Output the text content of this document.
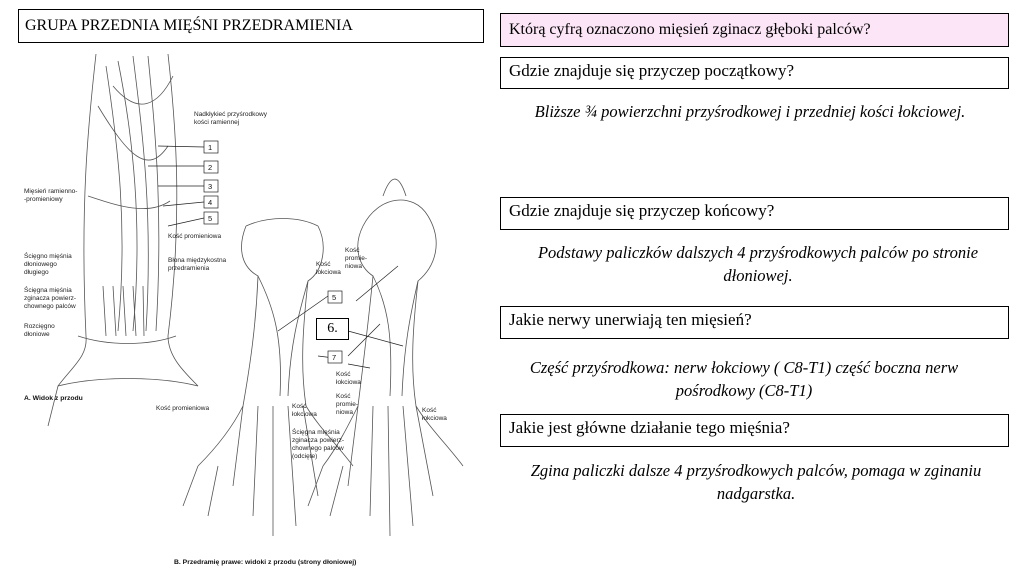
GRUPA PRZEDNIA MIĘŚNI PRZEDRAMIENIA
1
2
3
4
5
5
7
Nadkłykieć przyśrodkowy
kości ramiennej
Mięsień ramienno-
-promieniowy
Ścięgno mięśnia
dłoniowego
długiego
Ścięgna mięśnia
zginacza powierz-
chownego palców
Rozcięgno
dłoniowe
Kość promieniowa
Błona międzykostna
przedramienia
Kość
łokciowa
Kość
promie-
niowa
Kość
łokciowa
Kość promieniowa	Kość
łokciowa
Ścięgna mięśnia
zginacza powierz-
chownego palców
(odcięte)
Kość
promie-
niowa	Kość
łokciowa
A. Widok z przodu
B. Przedramię prawe: widoki z przodu (strony dłoniowej)
6.
Którą cyfrą oznaczono mięsień zginacz głęboki palców?
Gdzie znajduje się przyczep początkowy?
Bliższe ¾ powierzchni przyśrodkowej i przedniej kości łokciowej.
Gdzie znajduje się przyczep końcowy?
Podstawy paliczków dalszych 4 przyśrodkowych palców po stronie dłoniowej.
Jakie nerwy unerwiają ten mięsień?
Część przyśrodkowa: nerw łokciowy ( C8-T1) część boczna nerw pośrodkowy (C8-T1)
Jakie jest główne działanie tego mięśnia?
Zgina paliczki dalsze 4 przyśrodkowych palców, pomaga w zginaniu nadgarstka.
